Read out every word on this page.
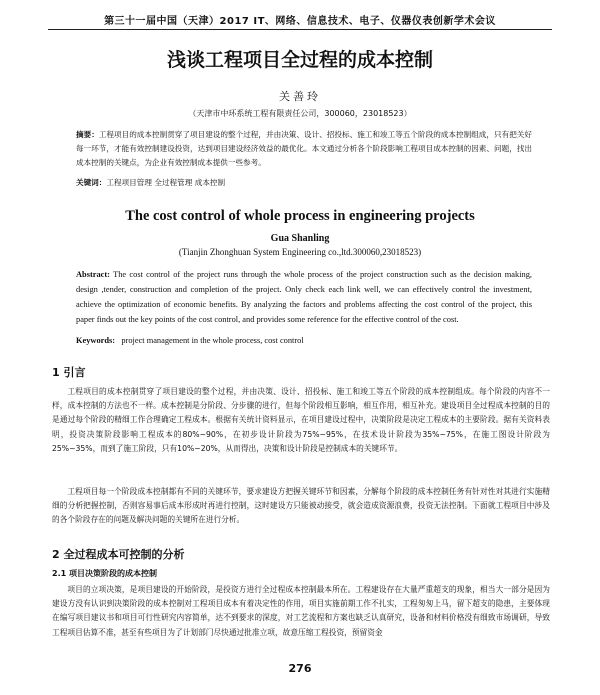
第三十一届中国（天津）2017 IT、网络、信息技术、电子、仪器仪表创新学术会议
浅谈工程项目全过程的成本控制
关善玲
（天津市中环系统工程有限责任公司，300060，23018523）
摘要：工程项目的成本控制贯穿了项目建设的整个过程，并由决策、设计、招投标、施工和竣工等五个阶段的成本控制组成，只有把关好每一环节，才能有效控制建设投资，达到项目建设经济效益的最优化。本文通过分析各个阶段影响工程项目成本控制的因素、问题，找出成本控制的关键点，为企业有效控制成本提供一些参考。
关键词：工程项目管理 全过程管理 成本控制
The cost control of whole process in engineering projects
Gua Shanling
(Tianjin Zhonghuan System Engineering co.,ltd.300060,23018523)
Abstract: The cost control of the project runs through the whole process of the project construction such as the decision making, design ,tender, construction and completion of the project. Only check each link well, we can effectively control the investment, achieve the optimization of economic benefits. By analyzing the factors and problems affecting the cost control of the project, this paper finds out the key points of the cost control, and provides some reference for the effective control of the cost.
Keywords: project management in the whole process, cost control
1 引言
工程项目的成本控制贯穿了项目建设的整个过程，并由决策、设计、招投标、施工和竣工等五个阶段的成本控制组成。每个阶段的内容不一样，成本控制的方法也不一样。成本控制是分阶段、分步骤的进行，但每个阶段相互影响，相互作用，相互补充。建设项目全过程成本控制的目的是通过每个阶段的精细工作合理确定工程成本。根据有关统计资料显示，在项目建设过程中，决策阶段是决定工程成本的主要阶段。据有关资料表明，投资决策阶段影响工程成本的80%~90%，在初步设计阶段为75%~95%，在技术设计阶段为35%~75%，在施工图设计阶段为25%~35%，而到了施工阶段，只有10%~20%，从而得出，决策和设计阶段是控制成本的关键环节。
工程项目每一个阶段成本控制都有不同的关键环节，要求建设方把握关键环节和因素，分解每个阶段的成本控制任务有针对性对其进行实施精细的分析把握控制，否则容易事后成本形成时再进行控制，这时建设方只能被动接受，就会造成资源浪费，投资无法控制。下面就工程项目中涉及的各个阶段存在的问题及解决问题的关键所在进行分析。
2 全过程成本可控制的分析
2.1 项目决策阶段的成本控制
项目的立项决策，是项目建设的开始阶段，是投资方进行全过程成本控制最本所在。工程建设存在大量严重超支的现象，相当大一部分是因为建设方没有认识到决策阶段的成本控制对工程项目成本有着决定性的作用，项目实施前期工作不扎实，工程匆匆上马，留下超支的隐患，主要体现在编写项目建议书和项目可行性研究内容简单，达不到要求的深度，对工艺流程和方案也缺乏认真研究，设备和材料价格没有细致市场调研，导致工程项目估算不准，甚至有些项目为了计划部门尽快通过批准立项，故意压缩工程投资，预留资金
276
